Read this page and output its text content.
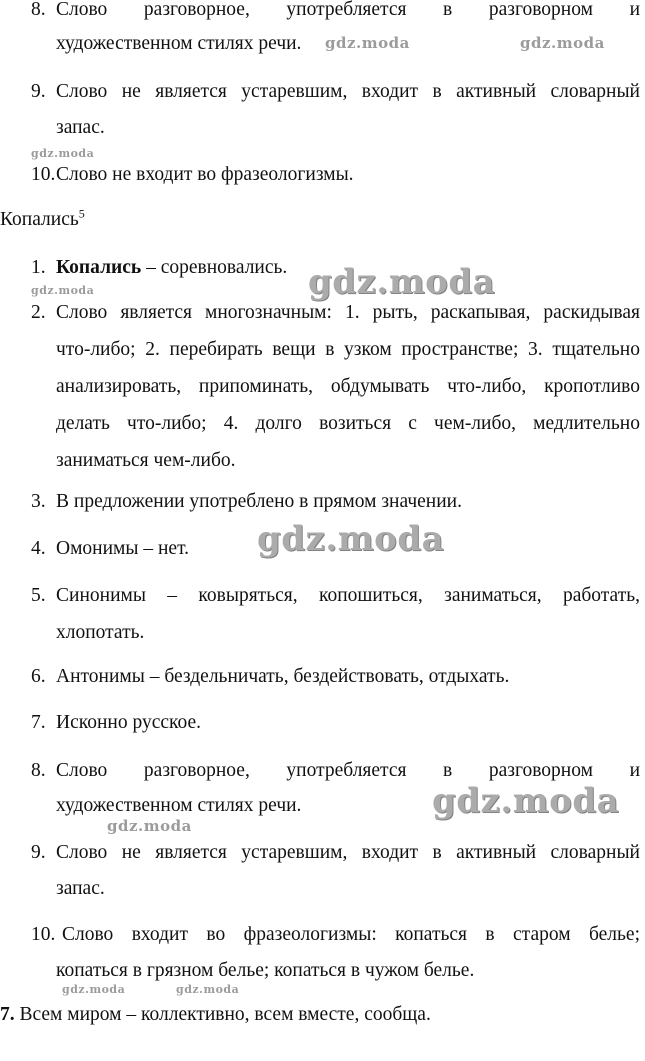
8. Слово разговорное, употребляется в разговорном и
художественном стилях речи.
9. Слово не является устаревшим, входит в активный словарный
запас.
10. Слово не входит во фразеологизмы.
Копались$^5$
1. Копались – соревновались.
2. Слово является многозначным: 1. рыть, раскапывая, раскидывая
что-либо; 2. перебирать вещи в узком пространстве; 3. тщательно
анализировать, припоминать, обдумывать что-либо, кропотливо
делать что-либо; 4. долго возиться с чем-либо, медлительно
заниматься чем-либо.
3. В предложении употреблено в прямом значении.
4. Омонимы – нет.
5. Синонимы – ковыряться, копошиться, заниматься, работать,
хлопотать.
6. Антонимы – бездельничать, бездействовать, отдыхать.
7. Исконно русское.
8. Слово разговорное, употребляется в разговорном и
художественном стилях речи.
9. Слово не является устаревшим, входит в активный словарный
запас.
10. Слово входит во фразеологизмы: копаться в старом белье;
копаться в грязном белье; копаться в чужом белье.
7. Всем миром – коллективно, всем вместе, сообща.
gdz.moda	gdz.moda
gdz.moda
gdz.moda
gdz.moda
gdz.moda
gdz.moda
gdz.moda
gdz.moda	gdz.moda
